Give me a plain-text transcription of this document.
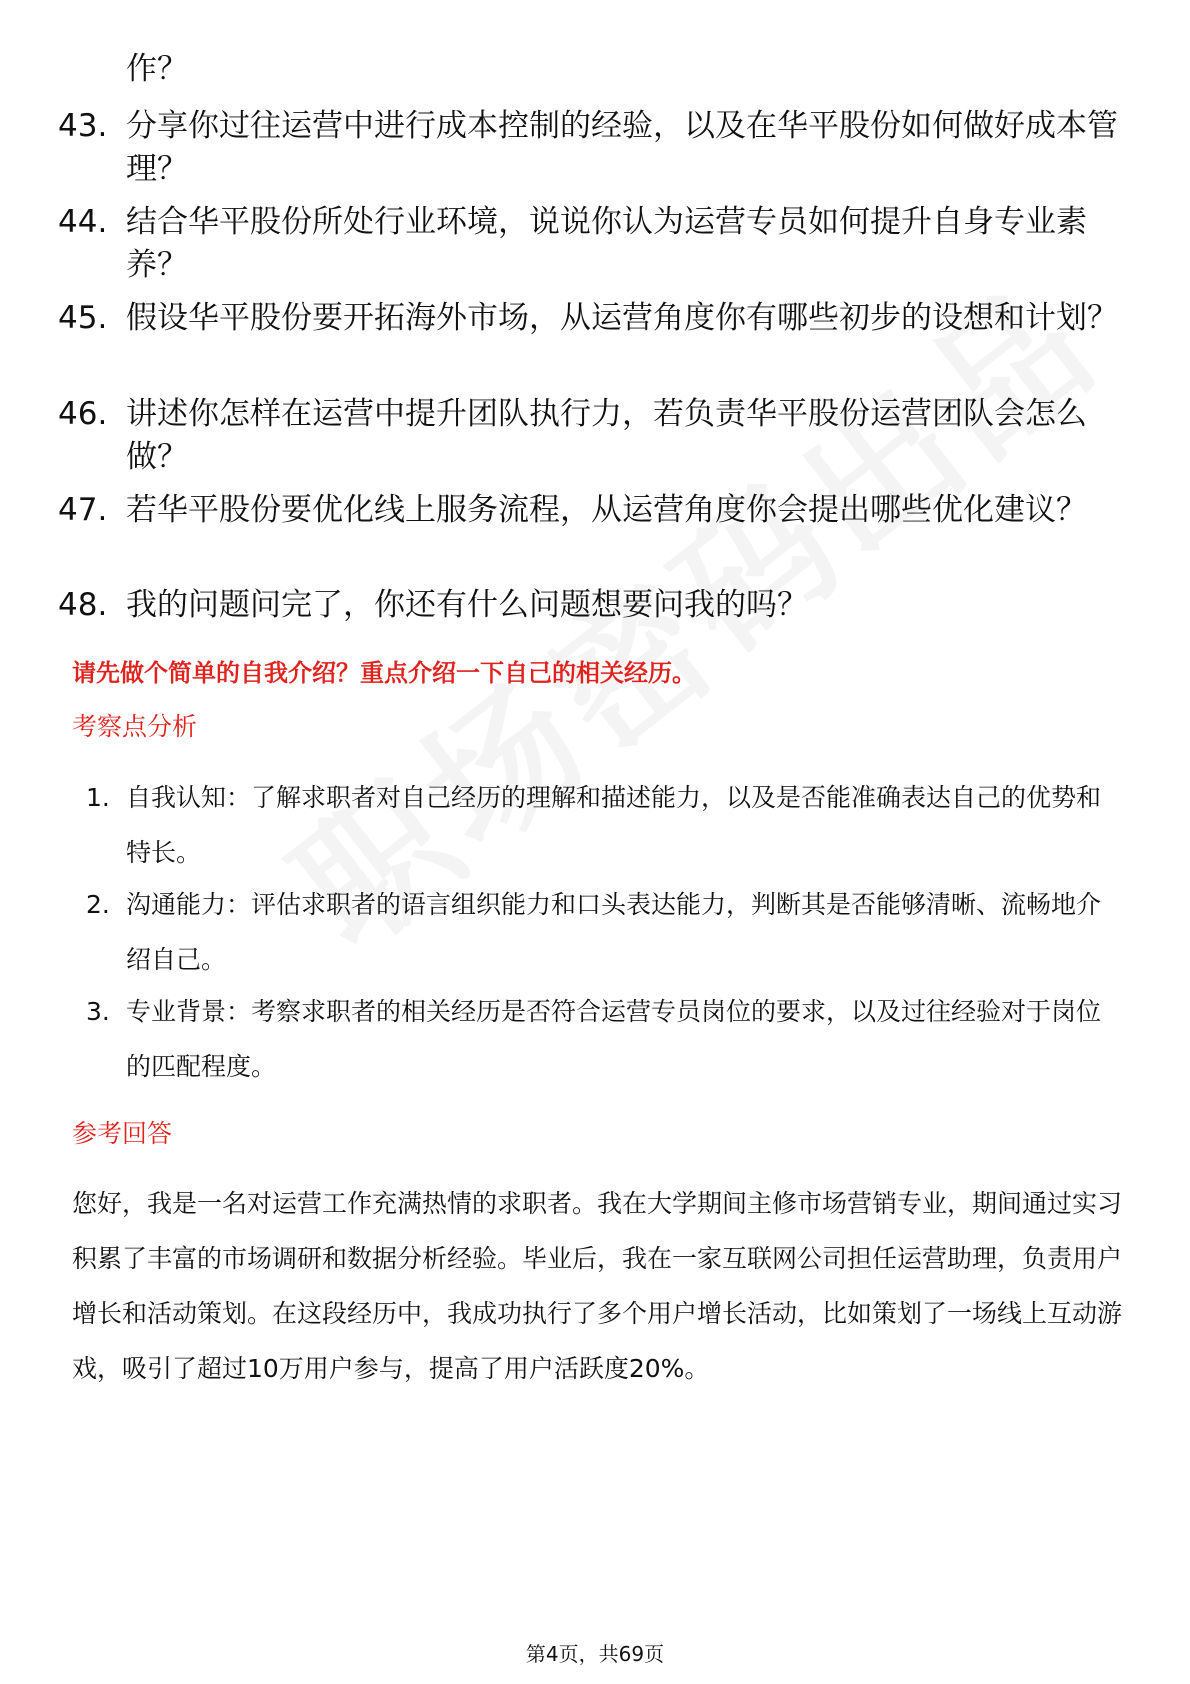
作？
43. 分享你过往运营中进行成本控制的经验，以及在华平股份如何做好成本管理？
44. 结合华平股份所处行业环境，说说你认为运营专员如何提升自身专业素养？
45. 假设华平股份要开拓海外市场，从运营角度你有哪些初步的设想和计划？
46. 讲述你怎样在运营中提升团队执行力，若负责华平股份运营团队会怎么做？
47. 若华平股份要优化线上服务流程，从运营角度你会提出哪些优化建议？
48. 我的问题问完了，你还有什么问题想要问我的吗？
请先做个简单的自我介绍？重点介绍一下自己的相关经历。
考察点分析
1. 自我认知：了解求职者对自己经历的理解和描述能力，以及是否能准确表达自己的优势和特长。
2. 沟通能力：评估求职者的语言组织能力和口头表达能力，判断其是否能够清晰、流畅地介绍自己。
3. 专业背景：考察求职者的相关经历是否符合运营专员岗位的要求，以及过往经验对于岗位的匹配程度。
参考回答
您好，我是一名对运营工作充满热情的求职者。我在大学期间主修市场营销专业，期间通过实习积累了丰富的市场调研和数据分析经验。毕业后，我在一家互联网公司担任运营助理，负责用户增长和活动策划。在这段经历中，我成功执行了多个用户增长活动，比如策划了一场线上互动游戏，吸引了超过10万用户参与，提高了用户活跃度20%。
第4页，共69页
